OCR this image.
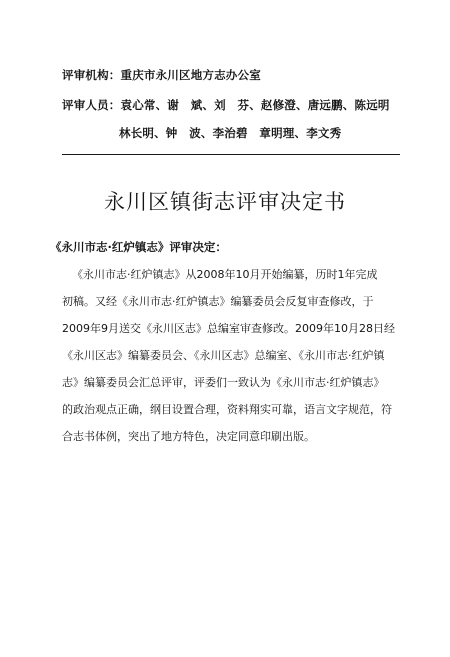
评审机构：重庆市永川区地方志办公室
评审人员：袁心常、谢　斌、刘　芬、赵修澄、唐远鹏、陈远明
林长明、钟　波、李治碧　章明理、李文秀
永川区镇街志评审决定书
《永川市志·红炉镇志》评审决定：
《永川市志·红炉镇志》从2008年10月开始编纂，历时1年完成
初稿。又经《永川市志·红炉镇志》编纂委员会反复审查修改，于
2009年9月送交《永川区志》总编室审查修改。2009年10月28日经
《永川区志》编纂委员会、《永川区志》总编室、《永川市志·红炉镇
志》编纂委员会汇总评审，评委们一致认为《永川市志·红炉镇志》
的政治观点正确，纲目设置合理，资料翔实可靠，语言文字规范，符
合志书体例，突出了地方特色，决定同意印刷出版。
